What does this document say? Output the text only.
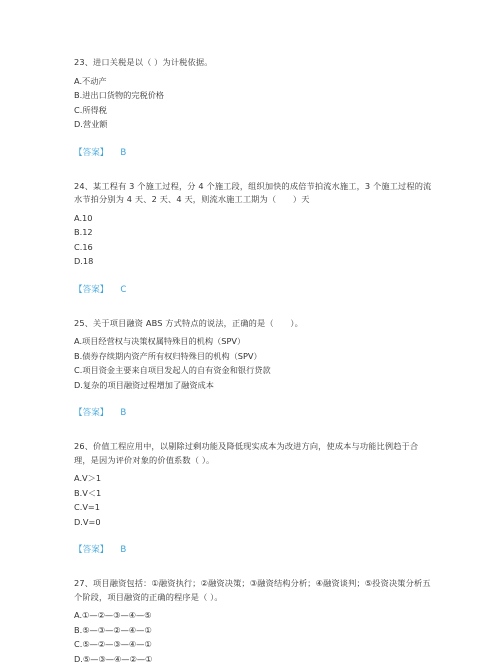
23、进口关税是以（ ）为计税依据。

A.不动产

B.进出口货物的完税价格

C.所得税

D.营业额

【答案】 B

24、某工程有 3 个施工过程，分 4 个施工段，组织加快的成倍节拍流水施工，3 个施工过程的流水节拍分别为 4 天、2 天、4 天，则流水施工工期为（　　）天

A.10

B.12

C.16

D.18

【答案】 C

25、关于项目融资 ABS 方式特点的说法，正确的是（　　）。

A.项目经营权与决策权属特殊目的机构（SPV）

B.债券存续期内资产所有权归特殊目的机构（SPV）

C.项目资金主要来自项目发起人的自有资金和银行贷款

D.复杂的项目融资过程增加了融资成本

【答案】 B

26、价值工程应用中，以剔除过剩功能及降低现实成本为改进方向，使成本与功能比例趋于合理，是因为评价对象的价值系数（ ）。

A.V＞1

B.V＜1

C.V=1

D.V=0

【答案】 B

27、项目融资包括：①融资执行；②融资决策；③融资结构分析；④融资谈判；⑤投资决策分析五个阶段，项目融资的正确的程序是（ ）。

A.①—②—③—④—⑤

B.⑤—③—②—④—①

C.⑤—②—③—④—①

D.⑤—③—④—②—①
